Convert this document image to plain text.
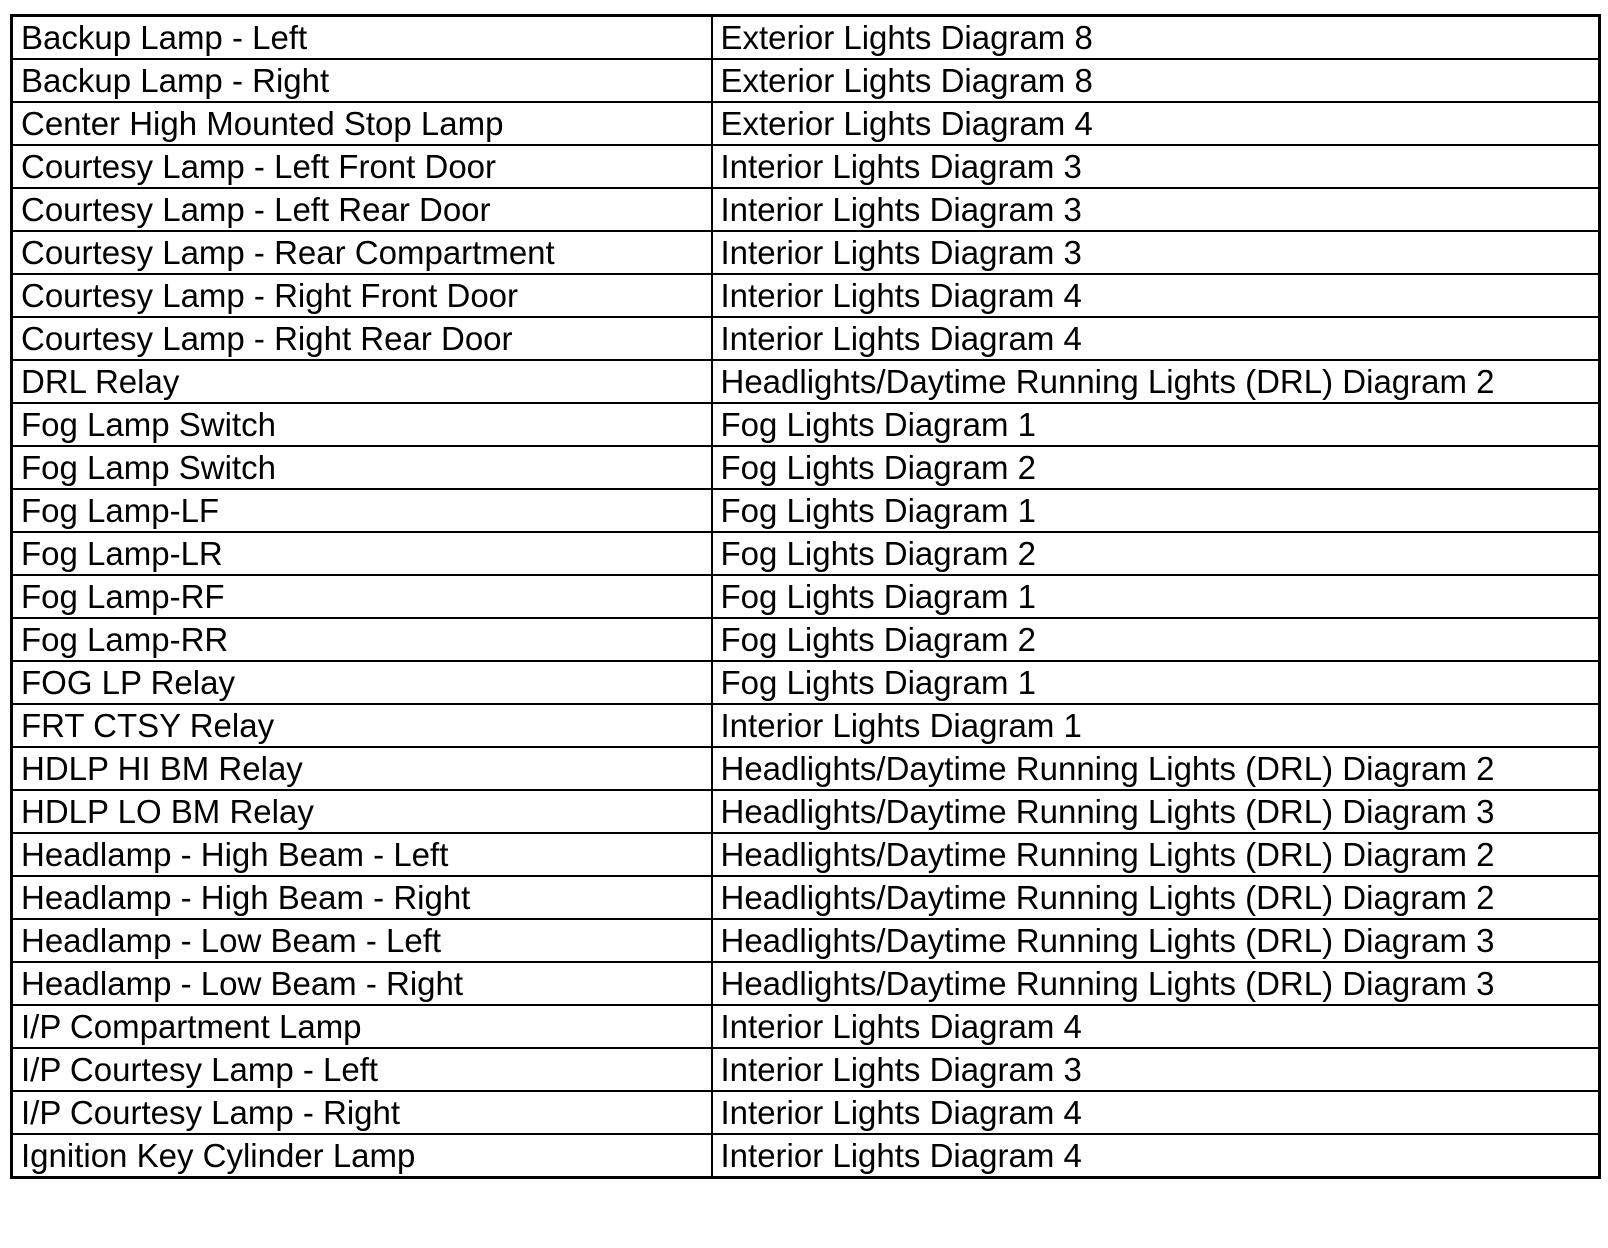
Backup Lamp - Left	Exterior Lights Diagram 8
Backup Lamp - Right	Exterior Lights Diagram 8
Center High Mounted Stop Lamp	Exterior Lights Diagram 4
Courtesy Lamp - Left Front Door	Interior Lights Diagram 3
Courtesy Lamp - Left Rear Door	Interior Lights Diagram 3
Courtesy Lamp - Rear Compartment	Interior Lights Diagram 3
Courtesy Lamp - Right Front Door	Interior Lights Diagram 4
Courtesy Lamp - Right Rear Door	Interior Lights Diagram 4
DRL Relay	Headlights/Daytime Running Lights (DRL) Diagram 2
Fog Lamp Switch	Fog Lights Diagram 1
Fog Lamp Switch	Fog Lights Diagram 2
Fog Lamp-LF	Fog Lights Diagram 1
Fog Lamp-LR	Fog Lights Diagram 2
Fog Lamp-RF	Fog Lights Diagram 1
Fog Lamp-RR	Fog Lights Diagram 2
FOG LP Relay	Fog Lights Diagram 1
FRT CTSY Relay	Interior Lights Diagram 1
HDLP HI BM Relay	Headlights/Daytime Running Lights (DRL) Diagram 2
HDLP LO BM Relay	Headlights/Daytime Running Lights (DRL) Diagram 3
Headlamp - High Beam - Left	Headlights/Daytime Running Lights (DRL) Diagram 2
Headlamp - High Beam - Right	Headlights/Daytime Running Lights (DRL) Diagram 2
Headlamp - Low Beam - Left	Headlights/Daytime Running Lights (DRL) Diagram 3
Headlamp - Low Beam - Right	Headlights/Daytime Running Lights (DRL) Diagram 3
I/P Compartment Lamp	Interior Lights Diagram 4
I/P Courtesy Lamp - Left	Interior Lights Diagram 3
I/P Courtesy Lamp - Right	Interior Lights Diagram 4
Ignition Key Cylinder Lamp	Interior Lights Diagram 4
